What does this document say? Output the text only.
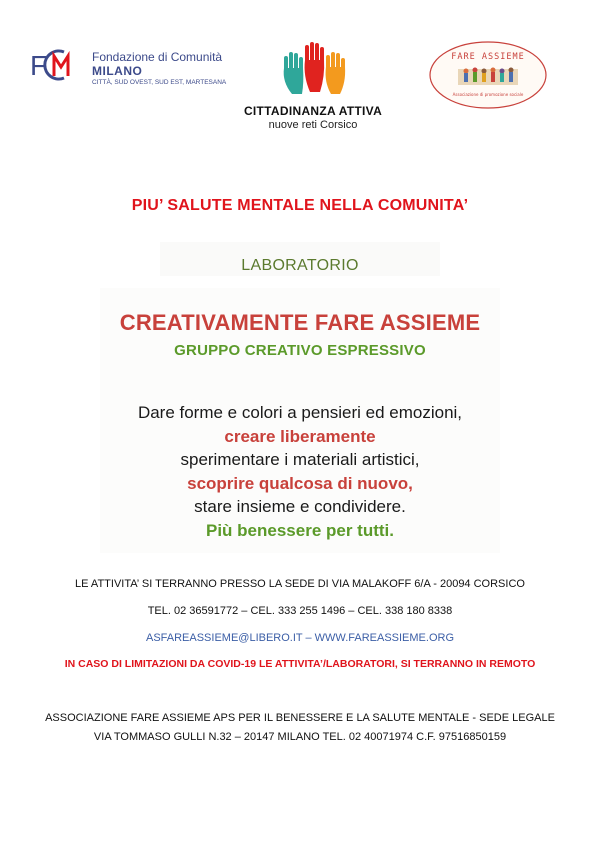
F	Fondazione di Comunità
MILANO
CITTÀ, SUD OVEST, SUD EST, MARTESANA
CITTADINANZA ATTIVA
nuove reti Corsico
FARE ASSIEME
Associazione di promozione sociale
PIU’ SALUTE MENTALE NELLA COMUNITA’
LABORATORIO
CREATIVAMENTE FARE ASSIEME
GRUPPO CREATIVO ESPRESSIVO
Dare forme e colori a pensieri ed emozioni,
creare liberamente
sperimentare i materiali artistici,
scoprire qualcosa di nuovo,
stare insieme e condividere.
Più benessere per tutti.
LE ATTIVITA’ SI TERRANNO PRESSO LA SEDE DI VIA MALAKOFF 6/A - 20094 CORSICO
TEL. 02 36591772 – CEL. 333 255 1496 – CEL. 338 180 8338
ASFAREASSIEME@LIBERO.IT – WWW.FAREASSIEME.ORG
IN CASO DI LIMITAZIONI DA COVID-19 LE ATTIVITA’/LABORATORI, SI TERRANNO IN REMOTO
ASSOCIAZIONE FARE ASSIEME APS PER IL BENESSERE E LA SALUTE MENTALE - SEDE LEGALE
VIA TOMMASO GULLI N.32 – 20147 MILANO TEL. 02 40071974 C.F. 97516850159
